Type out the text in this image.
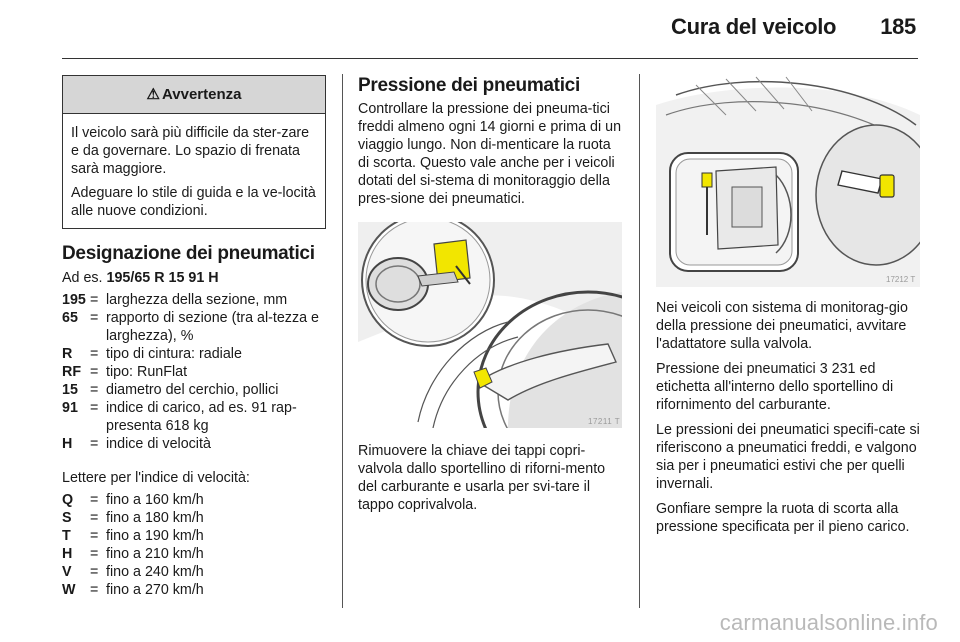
Cura del veicolo 185
⚠ Avvertenza

Il veicolo sarà più difficile da ster-zare e da governare. Lo spazio di frenata sarà maggiore.

Adeguare lo stile di guida e la ve-locità alle nuove condizioni.

Designazione dei pneumatici
Ad es. 195/65 R 15 91 H
195 = larghezza della sezione, mm
65 = rapporto di sezione (tra al-tezza e larghezza), %
R	= tipo di cintura: radiale
RF = tipo: RunFlat
15 = diametro del cerchio, pollici
91 = indice di carico, ad es. 91 rap-presenta 618 kg
H	= indice di velocità

Lettere per l'indice di velocità:

Q	= fino a 160 km/h
S	= fino a 180 km/h
T	= fino a 190 km/h
H	= fino a 210 km/h
V	= fino a 240 km/h
W	= fino a 270 km/h
Pressione dei pneumatici

Controllare la pressione dei pneuma-tici freddi almeno ogni 14 giorni e prima di un viaggio lungo. Non di-menticare la ruota di scorta. Questo vale anche per i veicoli dotati del si-stema di monitoraggio della pres-sione dei pneumatici.

17211 T

Rimuovere la chiave dei tappi copri-valvola dallo sportellino di riforni-mento del carburante e usarla per svi-tare il tappo coprivalvola.

17212 T

Nei veicoli con sistema di monitorag-gio della pressione dei pneumatici, avvitare l'adattatore sulla valvola.

Pressione dei pneumatici 3 231 ed etichetta all'interno dello sportellino di rifornimento del carburante.

Le pressioni dei pneumatici specifi-cate si riferiscono a pneumatici freddi, e valgono sia per i pneumatici estivi che per quelli invernali.

Gonfiare sempre la ruota di scorta alla pressione specificata per il pieno carico.

carmanualsonline.info
